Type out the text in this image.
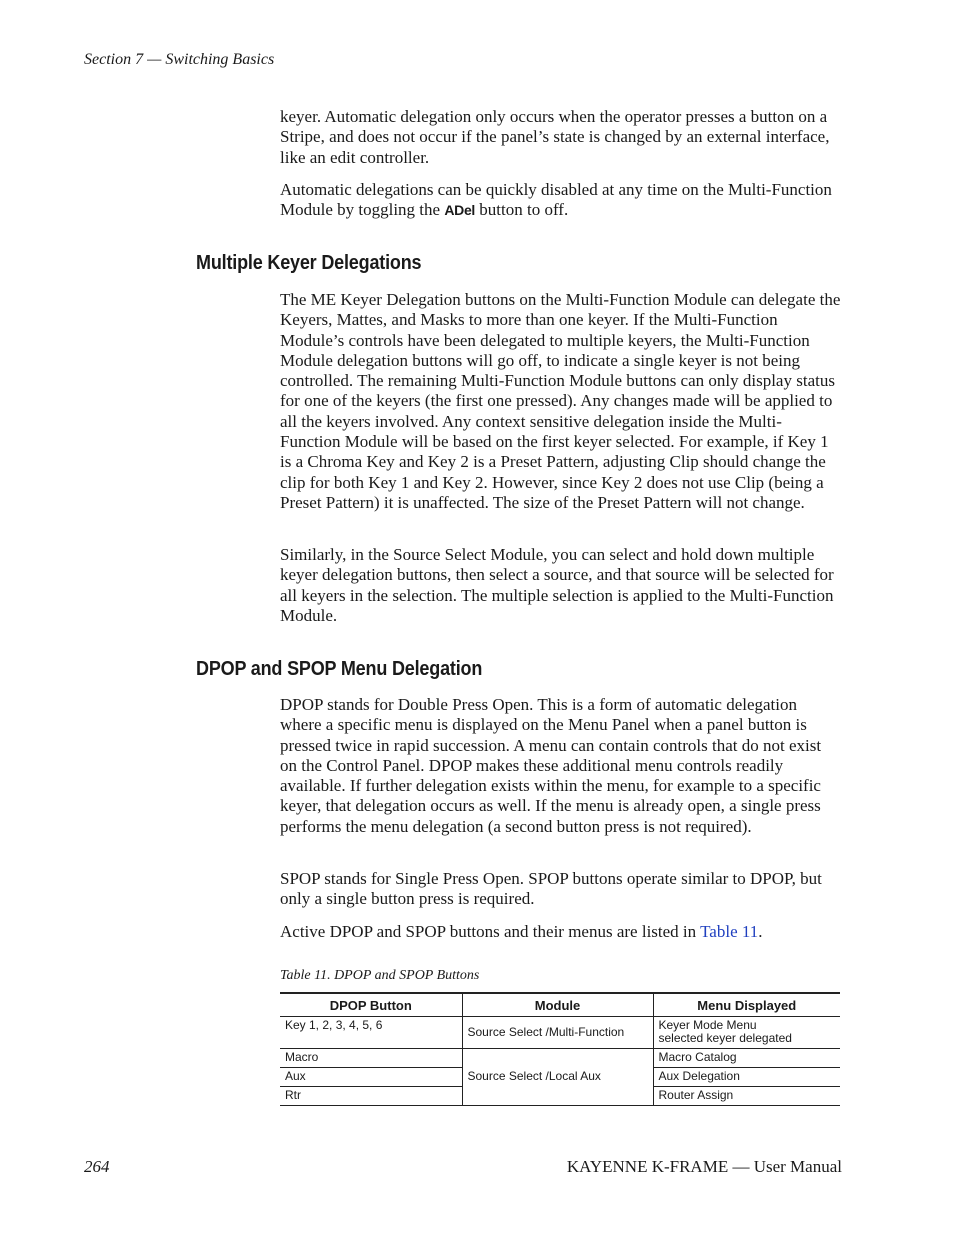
Section 7 — Switching Basics

keyer. Automatic delegation only occurs when the operator presses a button on a Stripe, and does not occur if the panel’s state is changed by an external interface, like an edit controller.

Automatic delegations can be quickly disabled at any time on the Multi-Function Module by toggling the ADel button to off.

Multiple Keyer Delegations

The ME Keyer Delegation buttons on the Multi-Function Module can delegate the Keyers, Mattes, and Masks to more than one keyer. If the Multi-Function Module’s controls have been delegated to multiple keyers, the Multi-Function Module delegation buttons will go off, to indicate a single keyer is not being controlled. The remaining Multi-Function Module buttons can only display status for one of the keyers (the first one pressed). Any changes made will be applied to all the keyers involved. Any context sensitive delegation inside the Multi-Function Module will be based on the first keyer selected. For example, if Key 1 is a Chroma Key and Key 2 is a Preset Pattern, adjusting Clip should change the clip for both Key 1 and Key 2. However, since Key 2 does not use Clip (being a Preset Pattern) it is unaffected. The size of the Preset Pattern will not change.

Similarly, in the Source Select Module, you can select and hold down multiple keyer delegation buttons, then select a source, and that source will be selected for all keyers in the selection. The multiple selection is applied to the Multi-Function Module.

DPOP and SPOP Menu Delegation

DPOP stands for Double Press Open. This is a form of automatic delegation where a specific menu is displayed on the Menu Panel when a panel button is pressed twice in rapid succession. A menu can contain controls that do not exist on the Control Panel. DPOP makes these additional menu controls readily available. If further delegation exists within the menu, for example to a specific keyer, that delegation occurs as well. If the menu is already open, a single press performs the menu delegation (a second button press is not required).

SPOP stands for Single Press Open. SPOP buttons operate similar to DPOP, but only a single button press is required.

Active DPOP and SPOP buttons and their menus are listed in Table 11.

Table 11. DPOP and SPOP Buttons
DPOP Button	Module	Menu Displayed
Key 1, 2, 3, 4, 5, 6	Source Select /Multi-Function	Keyer Mode Menu
selected keyer delegated

Macro	Source Select /Local Aux	Macro Catalog
Aux		Aux Delegation
Rtr		Router Assign
264	KAYENNE K-FRAME — User Manual
